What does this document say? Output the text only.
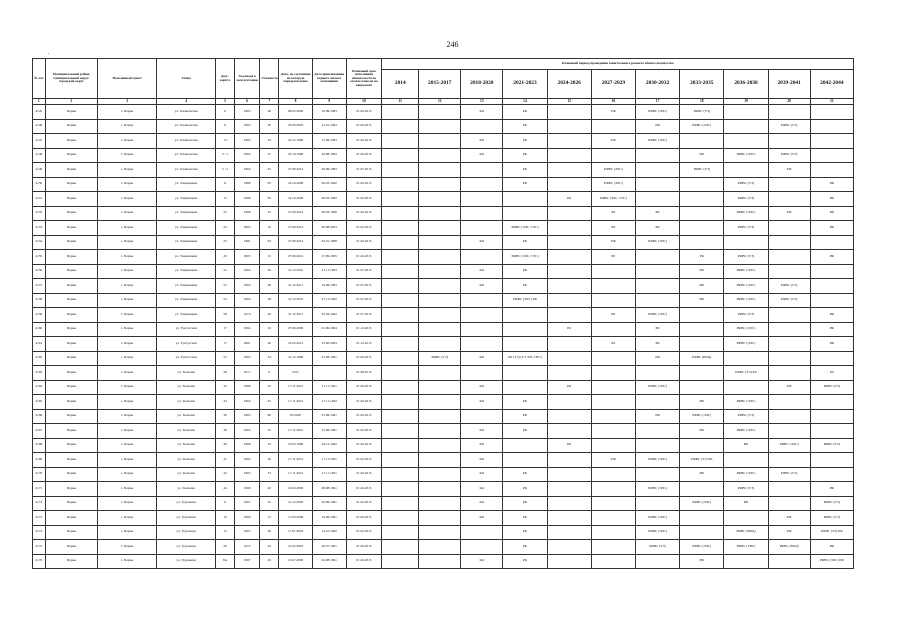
246
.
№ п/п	Муниципальный район/муниципальный округ/городской округ	Населенный пункт	Улица	Дом / корпус	Год ввода в эксплуатацию	Этажность	Дата, по состоянию на которую определен износ	Дата приватизации первого жилого помещения	Плановый срок исполнения обязательств по оплате взносов на капремонт	Плановый период проведения капитального ремонта общего имущества										
										2014	2015-2017	2018-2020	2021-2023	2024-2026	2027-2029	2030-2032	2033-2035	2036-2038	2039-2041	2042-2044
1	2	3	4	5	6	7	8	9	10	11	12	13	14	15	16	17	18	19	20	21
4145	Пермь	г. Пермь	ул. Техническая	6	1963	28	09.02.2006	16.09.1993	01.02.2015			КО	РК		РФ	РФВС (ЭЛС)	РФВС (ТЭ)			
4146	Пермь	г. Пермь	ул. Техническая	8	1962	30	25.09.2005	21.01.1994	01.02.2015				РК			РФ	РФВС (ЭЛС)		РФВС (ТЭ)	
4147	Пермь	г. Пермь	ул. Техническая	14	1963	34	25.12.1998	17.09.1993	01.02.2015			КО	РК		РФ	РФВС (ЭЛС)				
4148	Пермь	г. Пермь	ул. Техническая	5 / 1	1964	27	25.10.1998	29.08.1993	01.02.2015			КО	РК				РФ	РФВС (ЭЛС)	РФВС (ТЭ)	
4149	Пермь	г. Пермь	ул. Техническая	5 / 2	1964	45	27.09.2014	26.09.1993	01.07.2015				РК		РФВС (ЭЛС)		РФВС (ТЭ)		РФ	
4150	Пермь	г. Пермь	ул. Товарищева	11	1980	95	14.10.2008	06.03.1992	01.02.2015				РК		РФВС (ЭЛС)			РФВС (ТЭ)		РФ
4151	Пермь	г. Пермь	ул. Товарищева	15	1996	95	14.10.2008	06.03.1992	01.02.2015					РК	РФВС (ЭЛС, ТЭС)			РФВС (ТЭ)		РФ
4152	Пермь	г. Пермь	ул. Товарищева	23	1996	25	27.09.2014	06.03.1996	01.02.2015						РЛ	РК		РФВС (ЭЛС)	РФ	РФ
4153	Пермь	г. Пермь	ул. Товарищева	24	2003	10	27.09.2014	06.08.2004	01.02.2015				РФВС (ЭЛС, ТЭС)		РЛ	РК		РФВС (ТЭ)		РФ
4154	Пермь	г. Пермь	ул. Товарищева	25	1981	93	27.09.2014	02.01.1998	01.02.2015			КО	РК		РФ	РФВС (ЭЛС)				
4155	Пермь	г. Пермь	ул. Товарищева	26	2003	15	27.09.2014	27.09.2005	01.02.2015				РФВС (ЭЛС, ТЭС)		РЛ		РК	РФВС (ТЭ)		РФ
4156	Пермь	г. Пермь	ул. Товарищева	5а	1964	26	31.12.2010	27.11.1993	01.07.2015			КО	РК				РФ	РФВС (ЭЛС)		
4157	Пермь	г. Пермь	ул. Товарищева	52	1964	28	31.12.2011	19.09.1993	01.07.2015			КО	РК				РФ	РФВС (ЭЛС)	РФВС (ТЭ)	
4158	Пермь	г. Пермь	ул. Товарищева	54	1964	28	31.12.2010	27.11.1992	01.07.2015				РФВС (ЭЛС) РК				РФ	РФВС (ЭЛС)	РФВС (ТЭ)	
4159	Пермь	г. Пермь	ул. Товарищева	58	1974	20	31.12.2011	03.04.1992	01.07.2015						РК	РФВС (ЭЛС)		РФВС (ТЭ)		РФ
4160	Пермь	г. Пермь	ул. Тунгусская	17	1994	16	27.09.2009	01.09.1994	01.12.2015					РЛ		РК		РФВС (ЭЛС)		РФ
4161	Пермь	г. Пермь	ул. Тунгусская	17	2001	26	21.05.2012	23.06.2004	01.12.2015						РЛ	РК		РФВС (ЭЛС)		РФ
4162	Пермь	г. Пермь	ул. Тунгусская	52	1963	34	31.12.1998	01.08.1991	01.02.2015		РФВС (ТЭ)	КО	РК (ТЭ) (ТЭ ЭЛС ГВС)			РФ	РФВС (ВОД)			
4163	Пермь	г. Пермь	ул. Тюльпан	28	2017	9	2017		01.08.2015									РФВС (ТЭ) РК		РЛ
4164	Пермь	г. Пермь	ул. Тюльпан	32	1989	35	17.11.2012	17.11.1991	01.02.2015			КО		РК		РФВС (ЭЛС)			РФ	РФВС (ТЭ)
4165	Пермь	г. Пермь	ул. Тюльпан	34	1964	45	17.11.2012	17.11.1992	01.02.2015			КО	РК				РФ	РФВС (ЭЛС)		
4166	Пермь	г. Пермь	ул. Тюльпан	36	1963	80	03.2020	01.09.1991	01.02.2015				РК			РФ	РФВС (ЭЛС)	РФВС (ТЭ)		
4167	Пермь	г. Пермь	ул. Тюльпан	38	1964	15	17.11.2001	01.09.1991	01.02.2015			КО	РК				РФ	РФВС (ЭЛС)		
4168	Пермь	г. Пермь	ул. Тюльпан	40	1966	33	23.03.1998	04.12.1992	01.02.2015			КО		РК				РФ	РФВС (ЭЛС)	РФВС (ТЭ)
4169	Пермь	г. Пермь	ул. Тюльпан	41	1962	30	17.11.2012	17.11.1991	01.02.2015			КО			РФ	РФВС (ЭЛС)	РФВС (ТЭ) РК			
4170	Пермь	г. Пермь	ул. Тюльпан	42	1965	33	17.11.2012	17.11.1991	01.02.2015			КО	РК				РФ	РФВС (ЭЛС)	РФВС (ТЭ)	
4171	Пермь	г. Пермь	ул. Тюльпан	44	1969	20	19.02.2006	08.08.1991	01.02.2015			КО	РК			РФВС (ЭЛС)		РФВС (ТЭ)		РФ
4172	Пермь	г. Пермь	ул. Тургенева	8	1967	25	14.12.2000	02.09.1991	01.02.2015			КО	РК				РФВС (ЭЛС)	РФ		РФВС (ТЭ)
4173	Пермь	г. Пермь	ул. Тургенева	10	1969	15	17.03.2006	19.09.1991	01.02.2015			КО	РК			РФВС (ЭЛС)			РФ	РФВС (ТЭ)
4174	Пермь	г. Пермь	ул. Тургенева	12	1967	56	17.01.2003	14.10.1992	01.02.2015				РК			РФВС (ЭЛС)		РФВС (ВОД)	РФ	РФВС (ТЭ) РФ
4175	Пермь	г. Пермь	ул. Тургенева	29	1972	24	21.02.2003	26.07.1991	01.02.2015				РК			РФВС (ТЭ)	РФВС (ЭЛС)	РФВС (ГВС)	РФВС (ВОД)	РФ
4176	Пермь	г. Пермь	ул. Тургенева	8А	1967	29	15.07.2000	04.08.1991	01.02.2015			КО	РК				РФ			РФВС (ЭЛС) РФ
